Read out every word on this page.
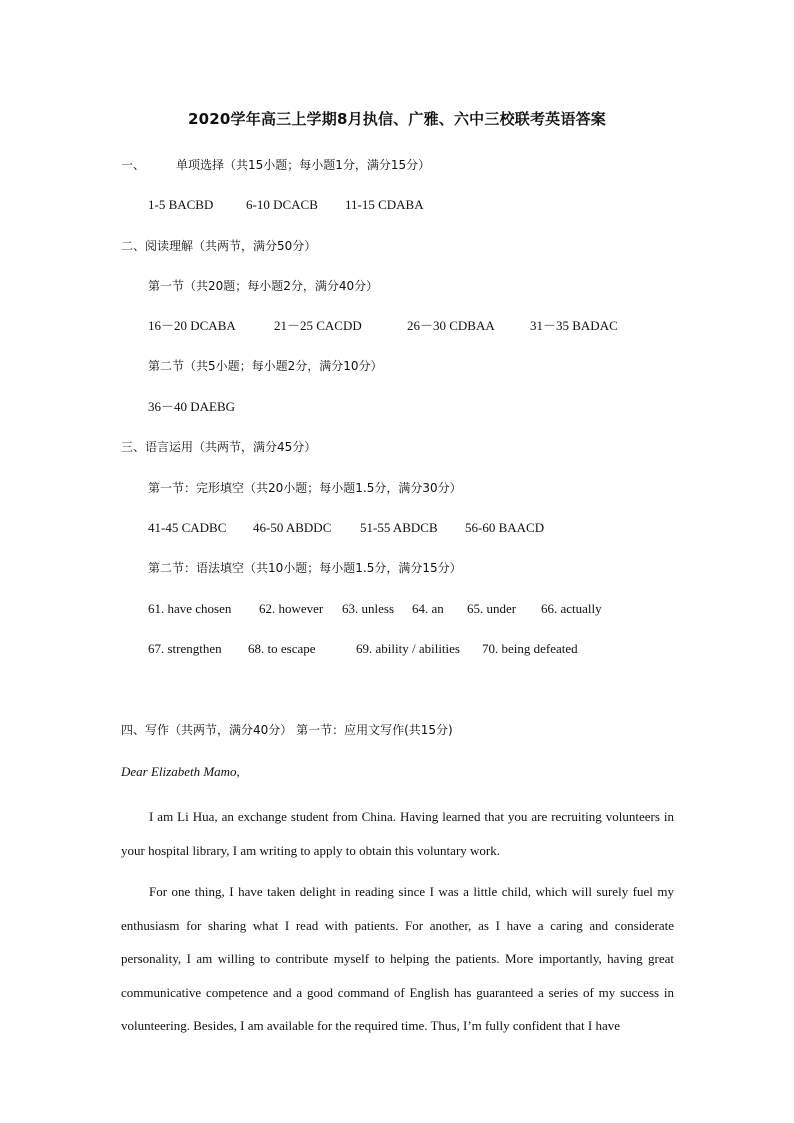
2020学年高三上学期8月执信、广雅、六中三校联考英语答案
一、	单项选择（共15小题；每小题1分，满分15分）
1-5 BACBD	6-10 DCACB 11-15 CDABA
二、阅读理解（共两节，满分50分）
第一节（共20题；每小题2分，满分40分）
16－20 DCABA	21－25 CACDD	26－30 CDBAA	31－35 BADAC
第二节（共5小题；每小题2分，满分10分）
36－40 DAEBG
三、语言运用（共两节，满分45分）
第一节：完形填空（共20小题；每小题1.5分，满分30分）
41-45 CADBC 46-50 ABDDC 51-55 ABDCB 56-60 BAACD
第二节：语法填空（共10小题；每小题1.5分，满分15分）
61. have chosen 62. however 63. unless 64. an 65. under 66. actually
67. strengthen 68. to escape	69. ability / abilities 70. being defeated
四、写作（共两节，满分40分） 第一节：应用文写作(共15分)
Dear Elizabeth Mamo,
I am Li Hua, an exchange student from China. Having learned that you are recruiting volunteers in your hospital library, I am writing to apply to obtain this voluntary work.
For one thing, I have taken delight in reading since I was a little child, which will surely fuel my enthusiasm for sharing what I read with patients. For another, as I have a caring and considerate personality, I am willing to contribute myself to helping the patients. More importantly, having great communicative competence and a good command of English has guaranteed a series of my success in volunteering. Besides, I am available for the required time. Thus, I’m fully confident that I have
